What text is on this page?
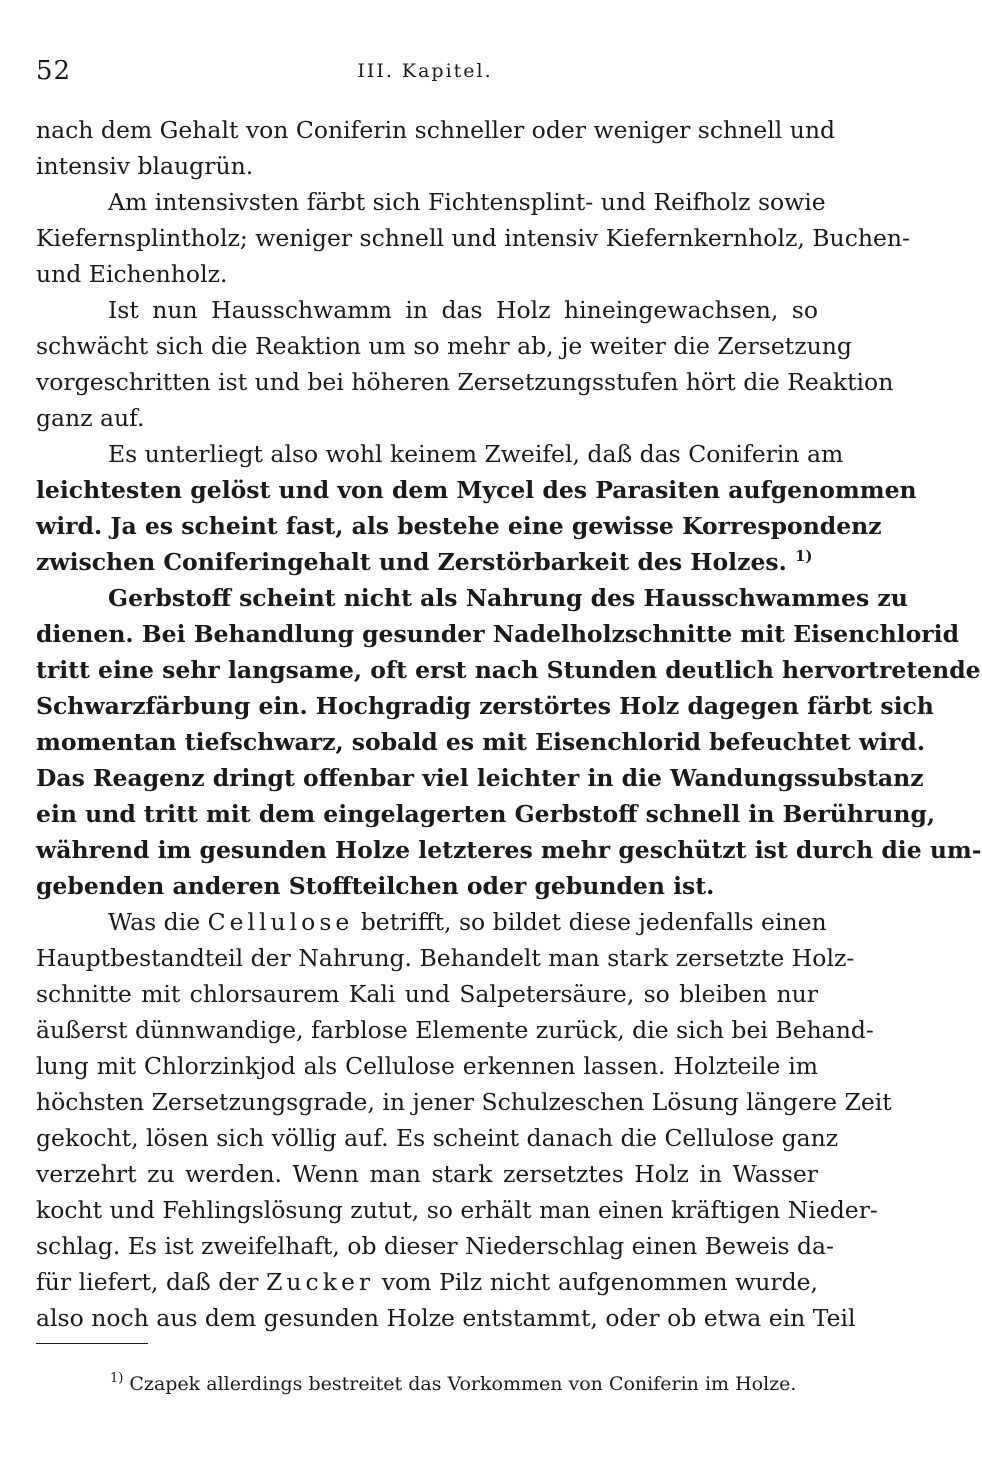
52	III. Kapitel.
nach dem Gehalt von Coniferin schneller oder weniger schnell und
intensiv blaugrün.
Am intensivsten färbt sich Fichtensplint- und Reifholz sowie
Kiefernsplintholz; weniger schnell und intensiv Kiefernkernholz, Buchen-
und Eichenholz.
Ist nun Hausschwamm in das Holz hineingewachsen, so
schwächt sich die Reaktion um so mehr ab, je weiter die Zersetzung
vorgeschritten ist und bei höheren Zersetzungsstufen hört die Reaktion
ganz auf.
Es unterliegt also wohl keinem Zweifel, daß das Coniferin am
leichtesten gelöst und von dem Mycel des Parasiten aufgenommen
wird. Ja es scheint fast, als bestehe eine gewisse Korrespondenz
zwischen Coniferingehalt und Zerstörbarkeit des Holzes. $^{1)}$
Gerbstoff scheint nicht als Nahrung des Hausschwammes zu
dienen. Bei Behandlung gesunder Nadelholzschnitte mit Eisenchlorid
tritt eine sehr langsame, oft erst nach Stunden deutlich hervortretende
Schwarzfärbung ein. Hochgradig zerstörtes Holz dagegen färbt sich
momentan tiefschwarz, sobald es mit Eisenchlorid befeuchtet wird.
Das Reagenz dringt offenbar viel leichter in die Wandungssubstanz
ein und tritt mit dem eingelagerten Gerbstoff schnell in Berührung,
während im gesunden Holze letzteres mehr geschützt ist durch die um-
gebenden anderen Stoffteilchen oder gebunden ist.
Was die Cellulose betrifft, so bildet diese jedenfalls einen
Hauptbestandteil der Nahrung. Behandelt man stark zersetzte Holz-
schnitte mit chlorsaurem Kali und Salpetersäure, so bleiben nur
äußerst dünnwandige, farblose Elemente zurück, die sich bei Behand-
lung mit Chlorzinkjod als Cellulose erkennen lassen. Holzteile im
höchsten Zersetzungsgrade, in jener Schulzeschen Lösung längere Zeit
gekocht, lösen sich völlig auf. Es scheint danach die Cellulose ganz
verzehrt zu werden. Wenn man stark zersetztes Holz in Wasser
kocht und Fehlingslösung zutut, so erhält man einen kräftigen Nieder-
schlag. Es ist zweifelhaft, ob dieser Niederschlag einen Beweis da-
für liefert, daß der Zucker vom Pilz nicht aufgenommen wurde,
also noch aus dem gesunden Holze entstammt, oder ob etwa ein Teil
$^{1)}$ Czapek allerdings bestreitet das Vorkommen von Coniferin im Holze.
